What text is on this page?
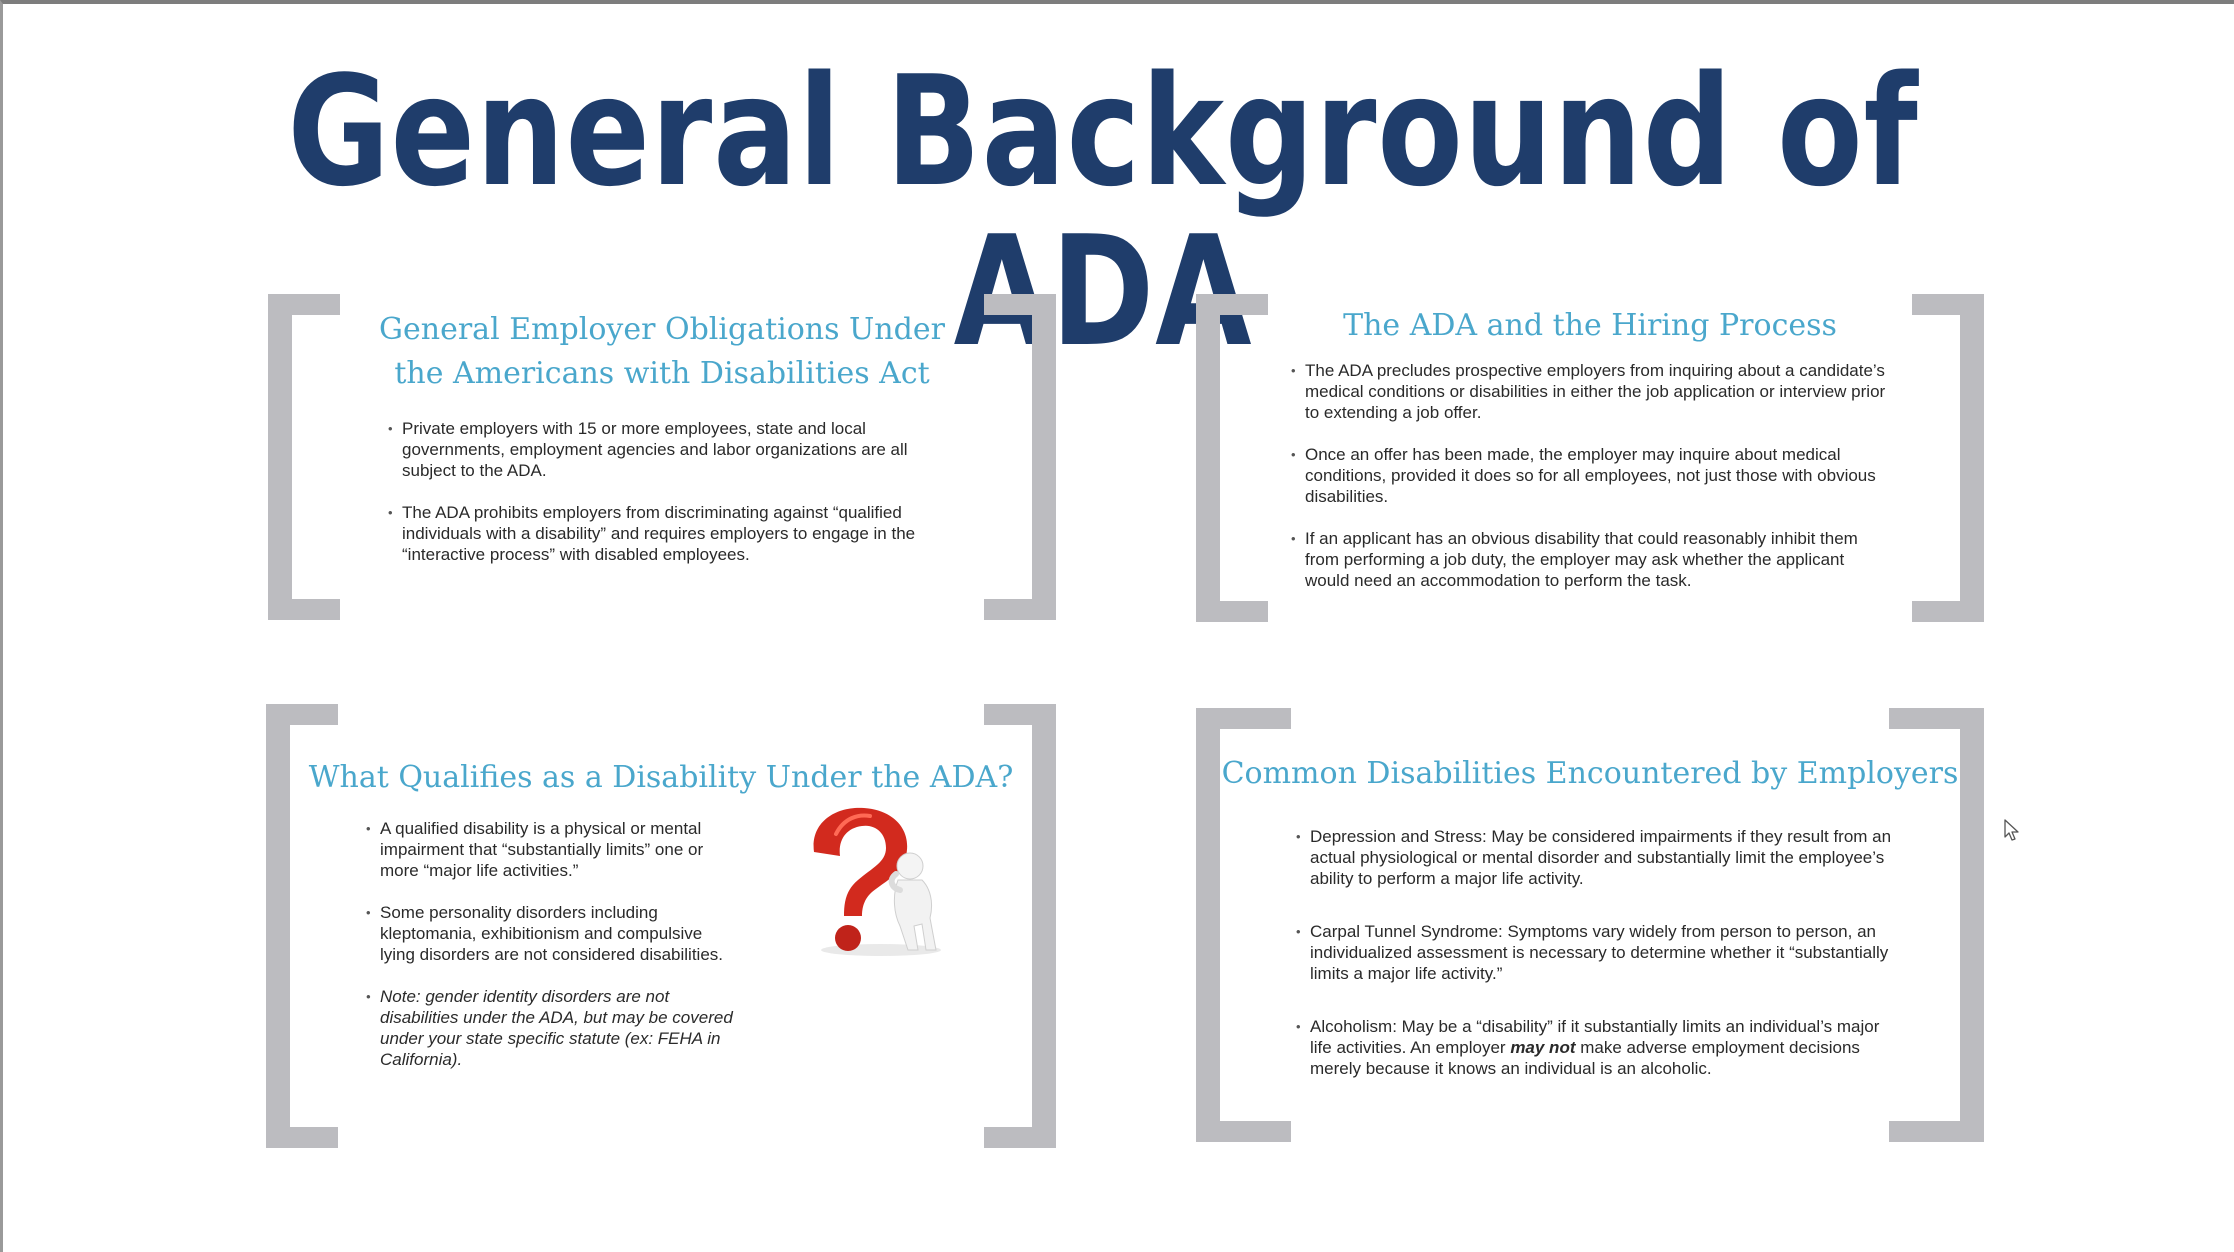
General Background of ADA
General Employer Obligations Under the Americans with Disabilities Act
• Private employers with 15 or more employees, state and local governments, employment agencies and labor organizations are all subject to the ADA.
• The ADA prohibits employers from discriminating against “qualified individuals with a disability” and requires employers to engage in the “interactive process” with disabled employees.
The ADA and the Hiring Process
• The ADA precludes prospective employers from inquiring about a candidate’s medical conditions or disabilities in either the job application or interview prior to extending a job offer.
• Once an offer has been made, the employer may inquire about medical conditions, provided it does so for all employees, not just those with obvious disabilities.
• If an applicant has an obvious disability that could reasonably inhibit them from performing a job duty, the employer may ask whether the applicant would need an accommodation to perform the task.
What Qualifies as a Disability Under the ADA?
• A qualified disability is a physical or mental impairment that “substantially limits” one or more “major life activities.”
• Some personality disorders including kleptomania, exhibitionism and compulsive lying disorders are not considered disabilities.
• Note: gender identity disorders are not disabilities under the ADA, but may be covered under your state specific statute (ex: FEHA in California).
Common Disabilities Encountered by Employers
• Depression and Stress: May be considered impairments if they result from an actual physiological or mental disorder and substantially limit the employee’s ability to perform a major life activity.
• Carpal Tunnel Syndrome: Symptoms vary widely from person to person, an individualized assessment is necessary to determine whether it “substantially limits a major life activity.”
• Alcoholism: May be a “disability” if it substantially limits an individual’s major life activities. An employer may not make adverse employment decisions merely because it knows an individual is an alcoholic.
